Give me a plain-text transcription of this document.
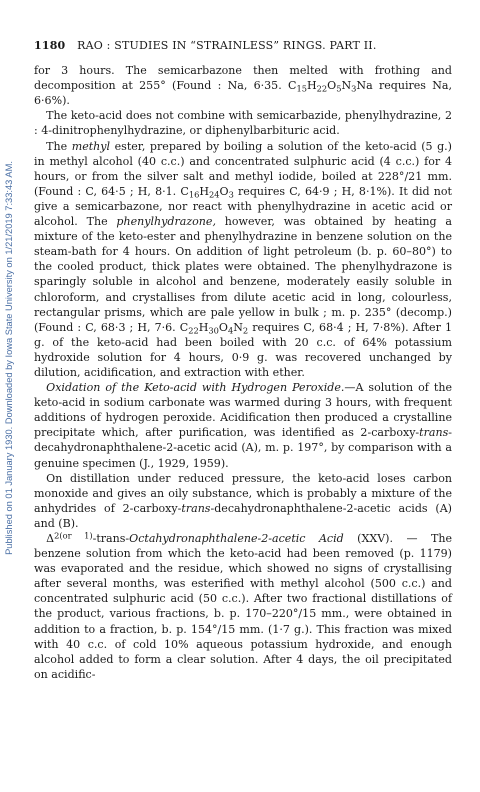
Published on 01 January 1930. Downloaded by Iowa State University on 1/21/2019 7:33:43 AM.
1180 RAO : STUDIES IN “STRAINLESS” RINGS. PART II.

for 3 hours. The semicarbazone then melted with frothing and decomposition at 255° (Found : Na, 6·35. $C_{15}H_{22}O_5N_3Na$ requires Na, 6·6%).

The keto-acid does not combine with semicarbazide, phenylhydrazine, 2 : 4-dinitrophenylhydrazine, or diphenylbarbituric acid.

The methyl ester, prepared by boiling a solution of the keto-acid (5 g.) in methyl alcohol (40 c.c.) and concentrated sulphuric acid (4 c.c.) for 4 hours, or from the silver salt and methyl iodide, boiled at 228°/21 mm. (Found : C, 64·5 ; H, 8·1. $C_{16}H_{24}O_3$ requires C, 64·9 ; H, 8·1%). It did not give a semicarbazone, nor react with phenylhydrazine in acetic acid or alcohol. The phenylhydrazone, however, was obtained by heating a mixture of the keto-ester and phenylhydrazine in benzene solution on the steam-bath for 4 hours. On addition of light petroleum (b. p. 60–80°) to the cooled product, thick plates were obtained. The phenylhydrazone is sparingly soluble in alcohol and benzene, moderately easily soluble in chloroform, and crystallises from dilute acetic acid in long, colourless, rectangular prisms, which are pale yellow in bulk ; m. p. 235° (decomp.) (Found : C, 68·3 ; H, 7·6. $C_{22}H_{30}O_4N_2$ requires C, 68·4 ; H, 7·8%). After 1 g. of the keto-acid had been boiled with 20 c.c. of 64% potassium hydroxide solution for 4 hours, 0·9 g. was recovered unchanged by dilution, acidification, and extraction with ether.

Oxidation of the Keto-acid with Hydrogen Peroxide.—A solution of the keto-acid in sodium carbonate was warmed during 3 hours, with frequent additions of hydrogen peroxide. Acidification then produced a crystalline precipitate which, after purification, was identified as 2-carboxy-trans-decahydronaphthalene-2-acetic acid (A), m. p. 197°, by comparison with a genuine specimen (J., 1929, 1959).

On distillation under reduced pressure, the keto-acid loses carbon monoxide and gives an oily substance, which is probably a mixture of the anhydrides of 2-carboxy-trans-decahydronaphthalene-2-acetic acids (A) and (B).

$\Delta^{2(or 1)}-trans-Octahydronaphthalene-2$-acetic Acid (XXV). — The benzene solution from which the keto-acid had been removed (p. 1179) was evaporated and the residue, which showed no signs of crystallising after several months, was esterified with methyl alcohol (500 c.c.) and concentrated sulphuric acid (50 c.c.). After two fractional distillations of the product, various fractions, b. p. 170–220°/15 mm., were obtained in addition to a fraction, b. p. 154°/15 mm. (1·7 g.). This fraction was mixed with 40 c.c. of cold 10% aqueous potassium hydroxide, and enough alcohol added to form a clear solution. After 4 days, the oil precipitated on acidific-
